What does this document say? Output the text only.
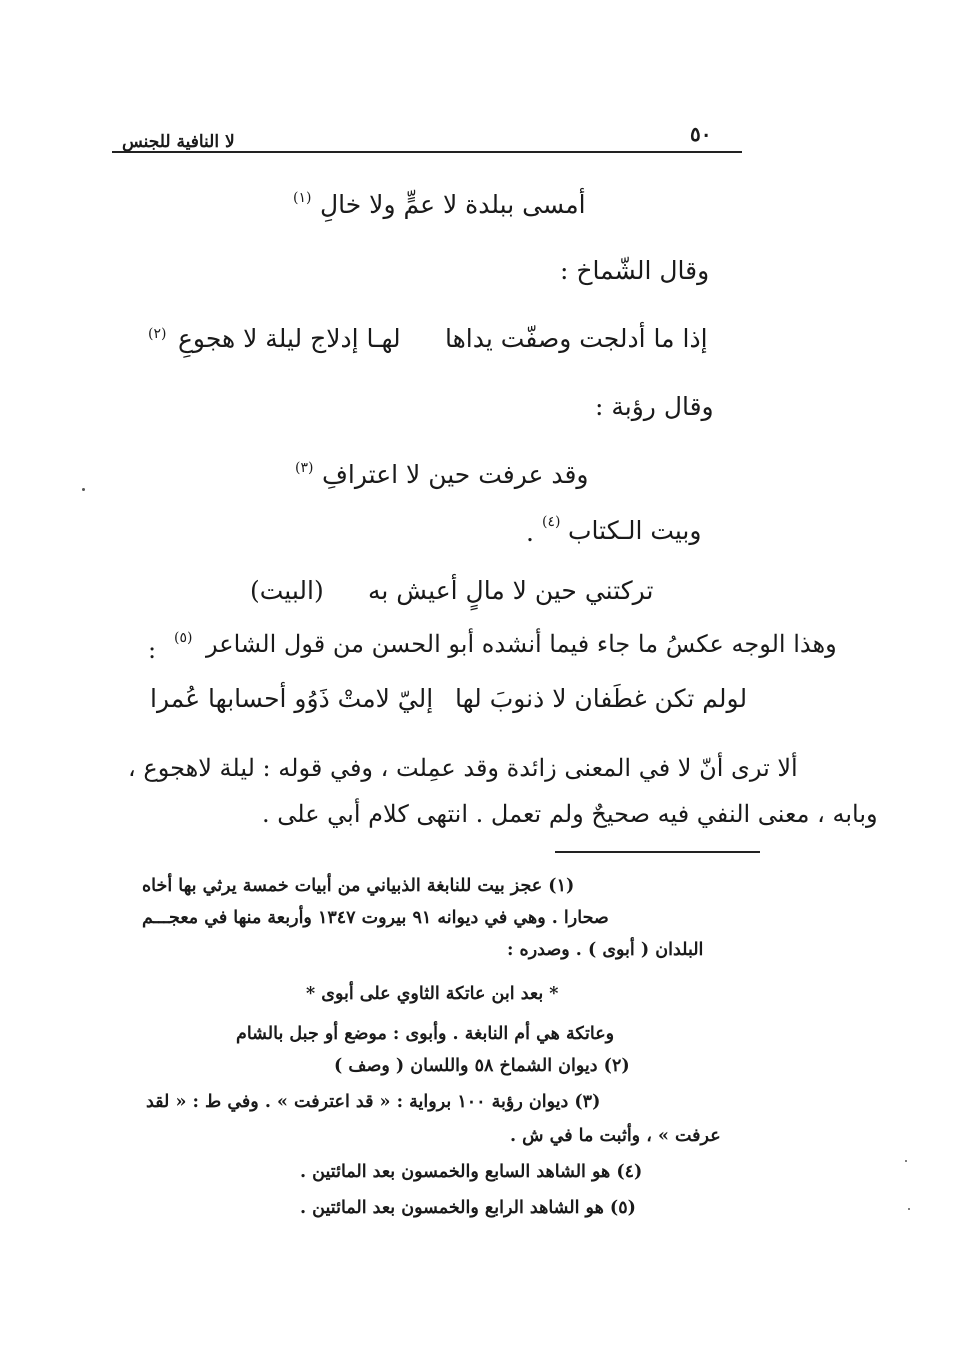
٥٠
لا النافية للجنس
أمسى ببلدة لا عمٍّ ولا خالِ
(١)
وقال الشّماخ :
إذا ما أدلجت وصفّت يداها
لهـا إدلاج ليلة لا هجوعِ
(٢)
وقال رؤبة :
وقد عرفت حين لا اعترافِ
(٣)
وبيت الـكتاب
(٤)
.
تركتني حين لا مالٍ أعيش به
(البيت)
وهذا الوجه عكسُ ما جاء فيما أنشده أبو الحسن من قول الشاعر
(٥)
:
لولم تكن غطَفان لا ذنوبَ لها
إليّ لامتْ ذَوُو أحسابها عُمرا
ألا ترى أنّ لا في المعنى زائدة وقد عمِلت ، وفي قوله : ليلة لاهجوع ،
وبابه ، معنى النفي فيه صحيحٌ ولم تعمل . انتهى كلام أبي على .
(١) عجز بيت للنابغة الذبياني من أبيات خمسة يرثي بها أخاه
صحارا . وهي في ديوانه ٩١ بيروت ١٣٤٧ وأربعة منها في معجـــم
البلدان ( أبوى ) . وصدره :
* بعد ابن عاتكة الثاوي على أبوى *
وعاتكة هي أم النابغة . وأبوى : موضع أو جبل بالشام
(٢) ديوان الشماخ ٥٨ واللسان ( وصف )
(٣) ديوان رؤبة ١٠٠ برواية : « قد اعترفت » . وفي ط : « لقد
عرفت » ، وأثبت ما في ش .
(٤) هو الشاهد السابع والخمسون بعد المائتين .
(٥) هو الشاهد الرابع والخمسون بعد المائتين .
